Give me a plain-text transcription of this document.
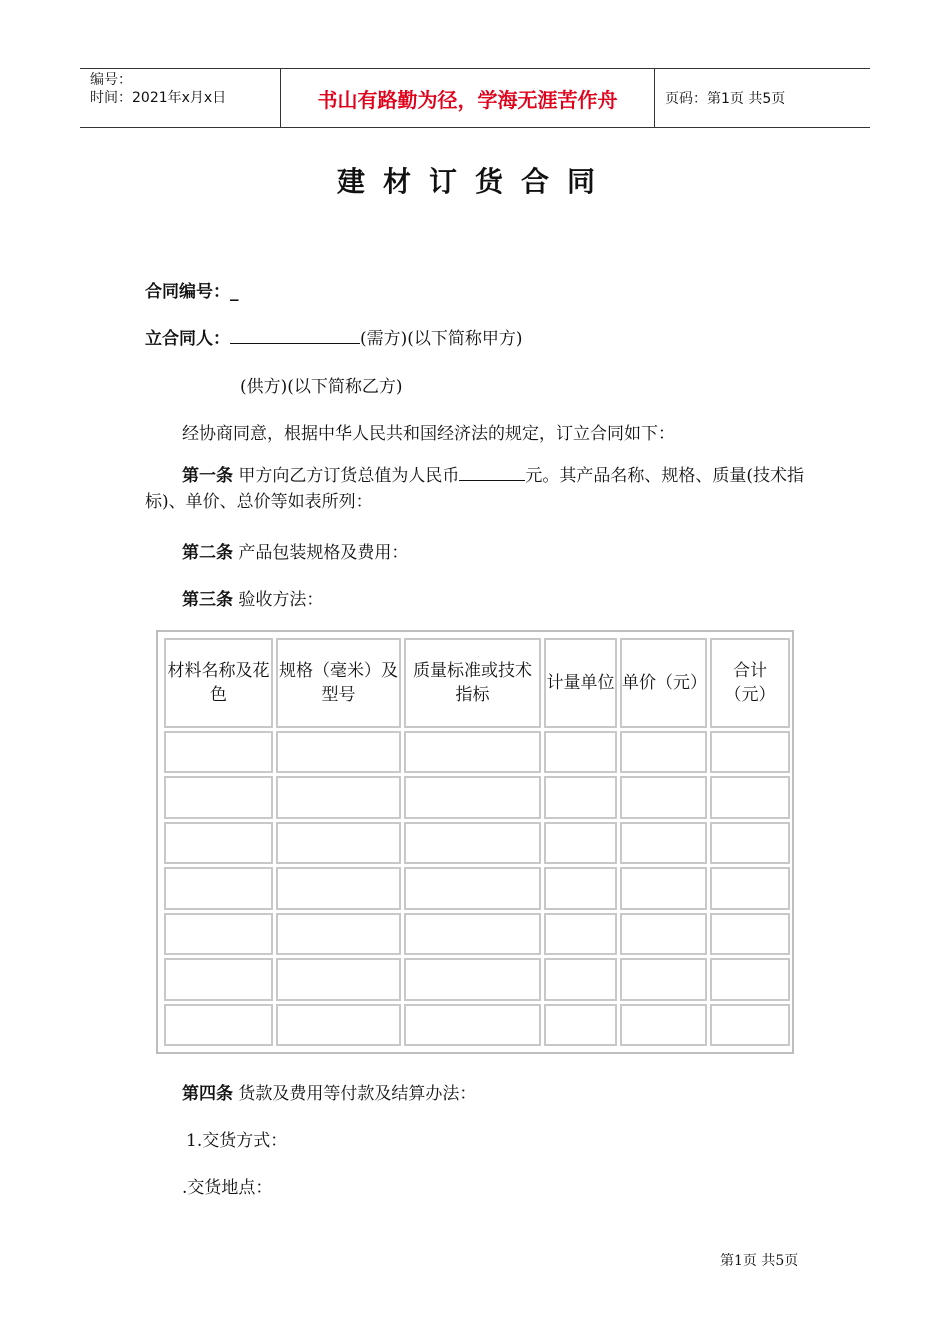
编号：
时间：2021年x月x日	书山有路勤为径，学海无涯苦作舟	页码：第1页 共5页
建材订货合同
合同编号：_
立合同人：	(需方)(以下简称甲方)
(供方)(以下简称乙方)
经协商同意，根据中华人民共和国经济法的规定，订立合同如下：
第一条 甲方向乙方订货总值为人民币	元。其产品名称、规格、质量(技术指标)、单价、总价等如表所列：
第二条 产品包装规格及费用：
第三条 验收方法：
材料名称及花色	规格（毫米）及型号	质量标准或技术指标	计量单位	单价（元）	合计（元）

第四条 货款及费用等付款及结算办法：
1.交货方式：
.交货地点：
第1页 共5页
